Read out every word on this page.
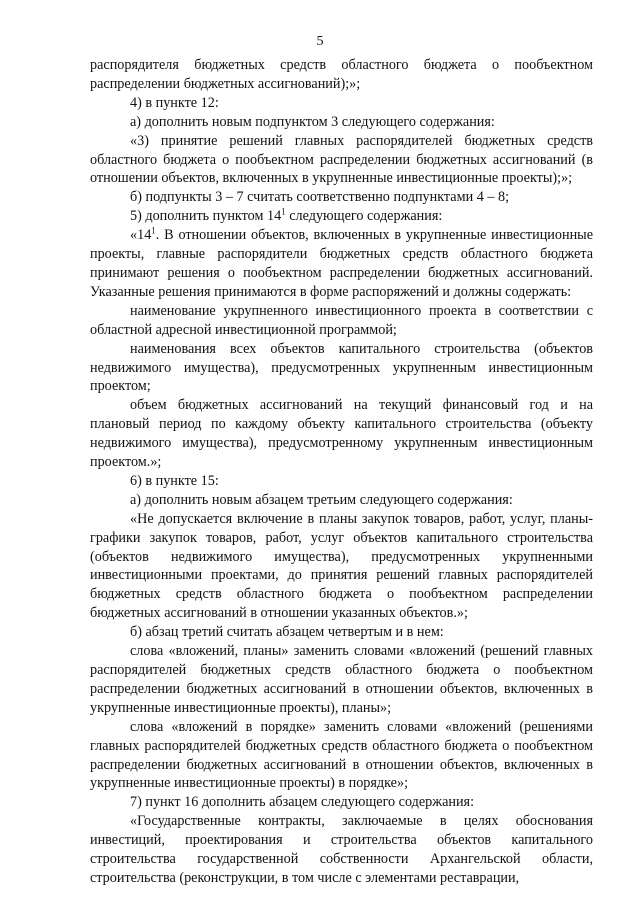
5

распорядителя бюджетных средств областного бюджета о пообъектном распределении бюджетных ассигнований);»;

4) в пункте 12:

а) дополнить новым подпунктом 3 следующего содержания:

«3) принятие решений главных распорядителей бюджетных средств областного бюджета о пообъектном распределении бюджетных ассигнований (в отношении объектов, включенных в укрупненные инвестиционные проекты);»;

б) подпункты 3 – 7 считать соответственно подпунктами 4 – 8;

5) дополнить пунктом $14^1$ следующего содержания:

«$14^1$. В отношении объектов, включенных в укрупненные инвестиционные проекты, главные распорядители бюджетных средств областного бюджета принимают решения о пообъектном распределении бюджетных ассигнований. Указанные решения принимаются в форме распоряжений и должны содержать:

наименование укрупненного инвестиционного проекта в соответствии с областной адресной инвестиционной программой;

наименования всех объектов капитального строительства (объектов недвижимого имущества), предусмотренных укрупненным инвестиционным проектом;

объем бюджетных ассигнований на текущий финансовый год и на плановый период по каждому объекту капитального строительства (объекту недвижимого имущества), предусмотренному укрупненным инвестиционным проектом.»;

6) в пункте 15:

а) дополнить новым абзацем третьим следующего содержания:

«Не допускается включение в планы закупок товаров, работ, услуг, планы-графики закупок товаров, работ, услуг объектов капитального строительства (объектов недвижимого имущества), предусмотренных укрупненными инвестиционными проектами, до принятия решений главных распорядителей бюджетных средств областного бюджета о пообъектном распределении бюджетных ассигнований в отношении указанных объектов.»;

б) абзац третий считать абзацем четвертым и в нем:

слова «вложений, планы» заменить словами «вложений (решений главных распорядителей бюджетных средств областного бюджета о пообъектном распределении бюджетных ассигнований в отношении объектов, включенных в укрупненные инвестиционные проекты), планы»;

слова «вложений в порядке» заменить словами «вложений (решениями главных распорядителей бюджетных средств областного бюджета о пообъектном распределении бюджетных ассигнований в отношении объектов, включенных в укрупненные инвестиционные проекты) в порядке»;

7) пункт 16 дополнить абзацем следующего содержания:

«Государственные контракты, заключаемые в целях обоснования инвестиций, проектирования и строительства объектов капитального строительства государственной собственности Архангельской области, строительства (реконструкции, в том числе с элементами реставрации,
